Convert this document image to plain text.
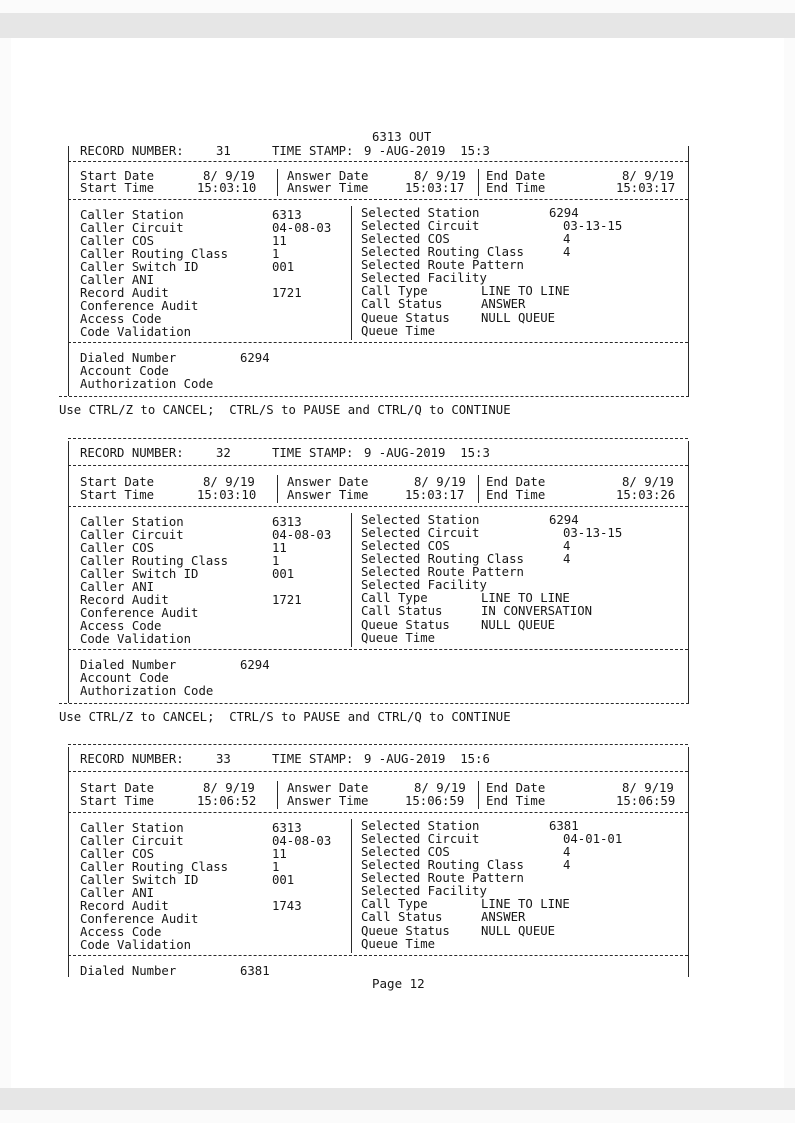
6313 OUT
RECORD NUMBER:	31	TIME STAMP: 9 -AUG-2019  15:3
Start Date	8/ 9/19
Start Time	15:03:10
Answer Date	8/ 9/19
Answer Time	15:03:17
End Date	8/ 9/19
End Time	15:03:17
Caller Station	6313
Caller Circuit	04-08-03
Caller COS	11
Caller Routing Class	1
Caller Switch ID	001
Caller ANI
Record Audit	1721
Conference Audit
Access Code
Code Validation
Selected Station	6294
Selected Circuit	03-13-15
Selected COS	4
Selected Routing Class	4
Selected Route Pattern
Selected Facility
Call Type	LINE TO LINE
Call Status	ANSWER
Queue Status	NULL QUEUE
Queue Time
Dialed Number	6294
Account Code
Authorization Code
Use CTRL/Z to CANCEL;  CTRL/S to PAUSE and CTRL/Q to CONTINUE
RECORD NUMBER:	32	TIME STAMP: 9 -AUG-2019  15:3
Start Date	8/ 9/19
Start Time	15:03:10
Answer Date	8/ 9/19
Answer Time	15:03:17
End Date	8/ 9/19
End Time	15:03:26
Caller Station	6313
Caller Circuit	04-08-03
Caller COS	11
Caller Routing Class	1
Caller Switch ID	001
Caller ANI
Record Audit	1721
Conference Audit
Access Code
Code Validation
Selected Station	6294
Selected Circuit	03-13-15
Selected COS	4
Selected Routing Class	4
Selected Route Pattern
Selected Facility
Call Type	LINE TO LINE
Call Status	IN CONVERSATION
Queue Status	NULL QUEUE
Queue Time
Dialed Number	6294
Account Code
Authorization Code
Use CTRL/Z to CANCEL;  CTRL/S to PAUSE and CTRL/Q to CONTINUE
RECORD NUMBER:	33	TIME STAMP: 9 -AUG-2019  15:6
Start Date	8/ 9/19
Start Time	15:06:52
Answer Date	8/ 9/19
Answer Time	15:06:59
End Date	8/ 9/19
End Time	15:06:59
Caller Station	6313
Caller Circuit	04-08-03
Caller COS	11
Caller Routing Class	1
Caller Switch ID	001
Caller ANI
Record Audit	1743
Conference Audit
Access Code
Code Validation
Selected Station	6381
Selected Circuit	04-01-01
Selected COS	4
Selected Routing Class	4
Selected Route Pattern
Selected Facility
Call Type	LINE TO LINE
Call Status	ANSWER
Queue Status	NULL QUEUE
Queue Time
Dialed Number	6381
Page 12
